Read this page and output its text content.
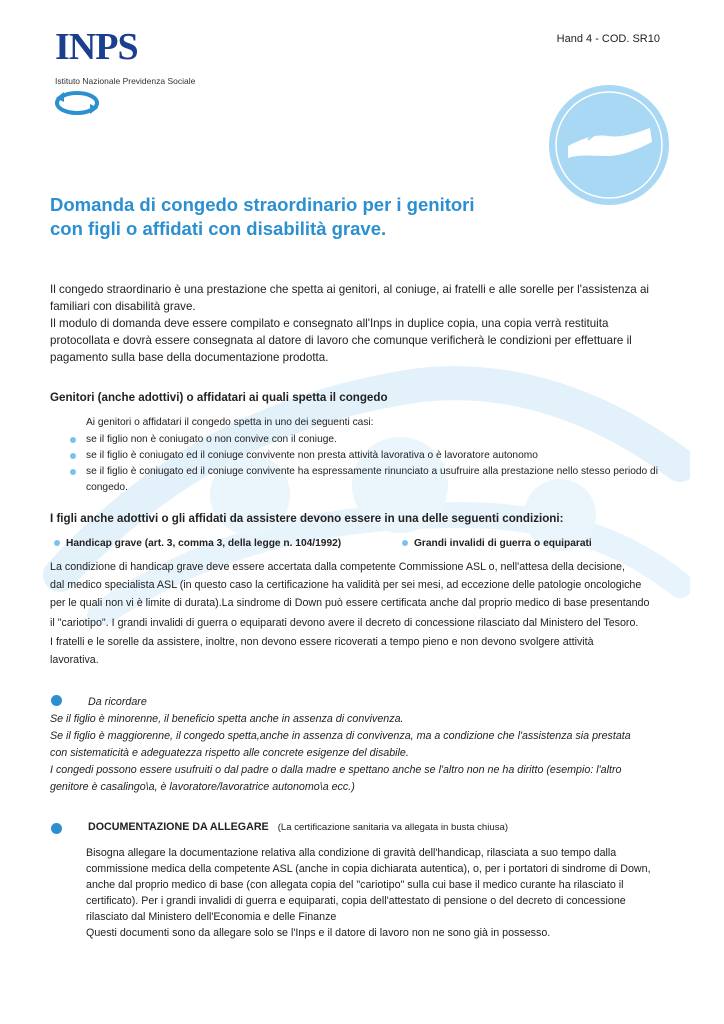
INPS
Istituto Nazionale Previdenza Sociale
Hand 4 - COD. SR10
Domanda di congedo straordinario per i genitori
con figli o affidati con disabilità grave.

Il congedo straordinario è una prestazione che spetta ai genitori, al coniuge, ai fratelli e alle sorelle per l'assistenza ai familiari con disabilità grave.

Il modulo di domanda deve essere compilato e consegnato all'Inps in duplice copia, una copia verrà restituita protocollata e dovrà essere consegnata al datore di lavoro che comunque verificherà le condizioni per effettuare il pagamento sulla base della documentazione prodotta.

Genitori (anche adottivi) o affidatari ai quali spetta il congedo
Ai genitori o affidatari il congedo spetta in uno dei seguenti casi:
se il figlio non è coniugato o non convive con il coniuge.
se il figlio è coniugato ed il coniuge convivente non presta attività lavorativa o è lavoratore autonomo
se il figlio è coniugato ed il coniuge convivente ha espressamente rinunciato a usufruire alla prestazione nello stesso periodo di congedo.
I figli anche adottivi o gli affidati da assistere devono essere in una delle seguenti condizioni:
Handicap grave (art. 3, comma 3, della legge n. 104/1992)	Grandi invalidi di guerra o equiparati
La condizione di handicap grave deve essere accertata dalla competente Commissione ASL o, nell'attesa della decisione,
dal medico specialista ASL (in questo caso la certificazione ha validità per sei mesi, ad eccezione delle patologie oncologiche
per le quali non vi è limite di durata).La sindrome di Down può essere certificata anche dal proprio medico di base presentando
il "cariotipo". I grandi invalidi di guerra o equiparati devono avere il decreto di concessione rilasciato dal Ministero del Tesoro.
I fratelli e le sorelle da assistere, inoltre, non devono essere ricoverati a tempo pieno e non devono svolgere attività
lavorativa.
Da ricordare
Se il figlio è minorenne, il beneficio spetta anche in assenza di convivenza.
Se il figlio è maggiorenne, il congedo spetta,anche in assenza di convivenza, ma a condizione che l'assistenza sia prestata
con sistematicità e adeguatezza rispetto alle concrete esigenze del disabile.
I congedi possono essere usufruiti o dal padre o dalla madre e spettano anche se l'altro non ne ha diritto (esempio: l'altro
genitore è casalingo\a, è lavoratore/lavoratrice autonomo\a ecc.)
DOCUMENTAZIONE DA ALLEGARE (La certificazione sanitaria va allegata in busta chiusa)
Bisogna allegare la documentazione relativa alla condizione di gravità dell'handicap, rilasciata a suo tempo dalla
commissione medica della competente ASL (anche in copia dichiarata autentica), o, per i portatori di sindrome di Down,
anche dal proprio medico di base (con allegata copia del "cariotipo" sulla cui base il medico curante ha rilasciato il
certificato). Per i grandi invalidi di guerra e equiparati, copia dell'attestato di pensione o del decreto di concessione
rilasciato dal Ministero dell'Economia e delle Finanze
Questi documenti sono da allegare solo se l'Inps e il datore di lavoro non ne sono già in possesso.
